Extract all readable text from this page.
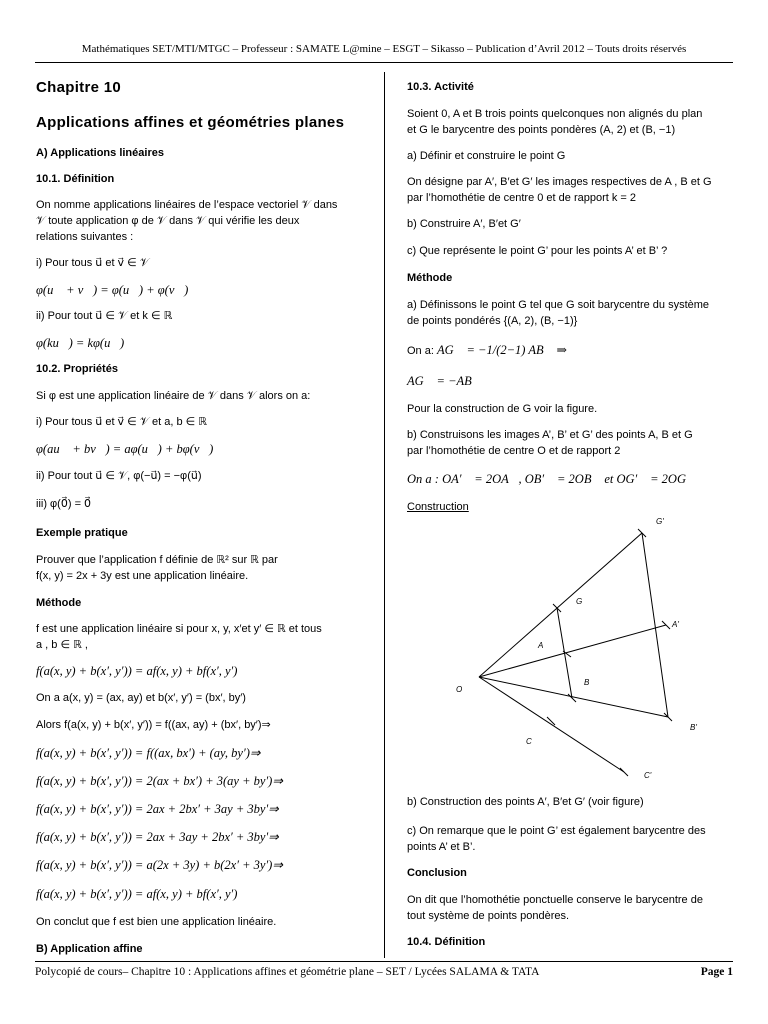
Mathématiques SET/MTI/MTGC – Professeur : SAMATE L@mine – ESGT – Sikasso – Publication d’Avril 2012 – Touts droits réservés
Chapitre 10
Applications affines et géométries planes
A) Applications linéaires
10.1. Définition
On nomme applications linéaires de l’espace vectoriel 𝒱 dans
𝒱 toute application φ de 𝒱 dans 𝒱 qui vérifie les deux
relations suivantes :
i) Pour tous u⃗ et v⃗ ∈ 𝒱
φ(u⃗ + v⃗) = φ(u⃗) + φ(v⃗)
ii) Pour tout u⃗ ∈ 𝒱 et k ∈ ℝ
φ(ku⃗) = kφ(u⃗)
10.2. Propriétés
Si φ est une application linéaire de 𝒱 dans 𝒱 alors on a:
i) Pour tous u⃗ et v⃗ ∈ 𝒱 et a, b ∈ ℝ
φ(au⃗ + bv⃗) = aφ(u⃗) + bφ(v⃗)
ii) Pour tout u⃗ ∈ 𝒱, φ(−u⃗) = −φ(u⃗)
iii) φ(0⃗) = 0⃗
Exemple pratique
Prouver que l’application f définie de ℝ² sur ℝ par
f(x, y) = 2x + 3y est une application linéaire.
Méthode
f est une application linéaire si pour x, y, x′et y′ ∈ ℝ et tous
a , b ∈ ℝ ,
f(a(x, y) + b(x′, y′)) = af(x, y) + bf(x′, y′)
On a a(x, y) = (ax, ay) et b(x′, y′) = (bx′, by′)
Alors f(a(x, y) + b(x′, y′)) = f((ax, ay) + (bx′, by′)⇒
f(a(x, y) + b(x′, y′)) = f((ax, bx') + (ay, by′)⇒
f(a(x, y) + b(x′, y′)) = 2(ax + bx′) + 3(ay + by′)⇒
f(a(x, y) + b(x′, y′)) = 2ax + 2bx′ + 3ay + 3by'⇒
f(a(x, y) + b(x′, y′)) = 2ax + 3ay + 2bx′ + 3by'⇒
f(a(x, y) + b(x′, y′)) = a(2x + 3y) + b(2x′ + 3y′)⇒
f(a(x, y) + b(x′, y′)) = af(x, y) + bf(x′, y′)
On conclut que f est bien une application linéaire.
B) Application affine
10.3. Activité
Soient 0, A et B trois points quelconques non alignés du plan
et G le barycentre des points pondères (A, 2) et (B, −1)
a) Définir et construire le point G
On désigne par A′, B′et G′ les images respectives de A , B et G
par l’homothétie de centre 0 et de rapport k = 2
b) Construire A′, B′et G′
c) Que représente le point G’ pour les points A’ et B’ ?
Méthode
a) Définissons le point G tel que G soit barycentre du système
de points pondérés {(A, 2), (B, −1)}
On a: AG⃗ = −1/(2−1) AB⃗ ⇒
AG⃗ = −AB⃗
Pour la construction de G voir la figure.
b) Construisons les images A’, B’ et G’ des points A, B et G
par l’homothétie de centre O et de rapport 2
On a : OA′⃗ = 2OA⃗, OB′⃗ = 2OB⃗ et OG′⃗ = 2OG⃗
Construction
O
A
B
G
C
A'
B'
G'
C'
b) Construction des points A′, B′et G′ (voir figure)
c) On remarque que le point G’ est également barycentre des
points A’ et B’.
Conclusion
On dit que l’homothétie ponctuelle conserve le barycentre de
tout système de points pondères.
10.4. Définition
Polycopié de cours– Chapitre 10 : Applications affines et géométrie plane – SET / Lycées SALAMA & TATA	Page 1
